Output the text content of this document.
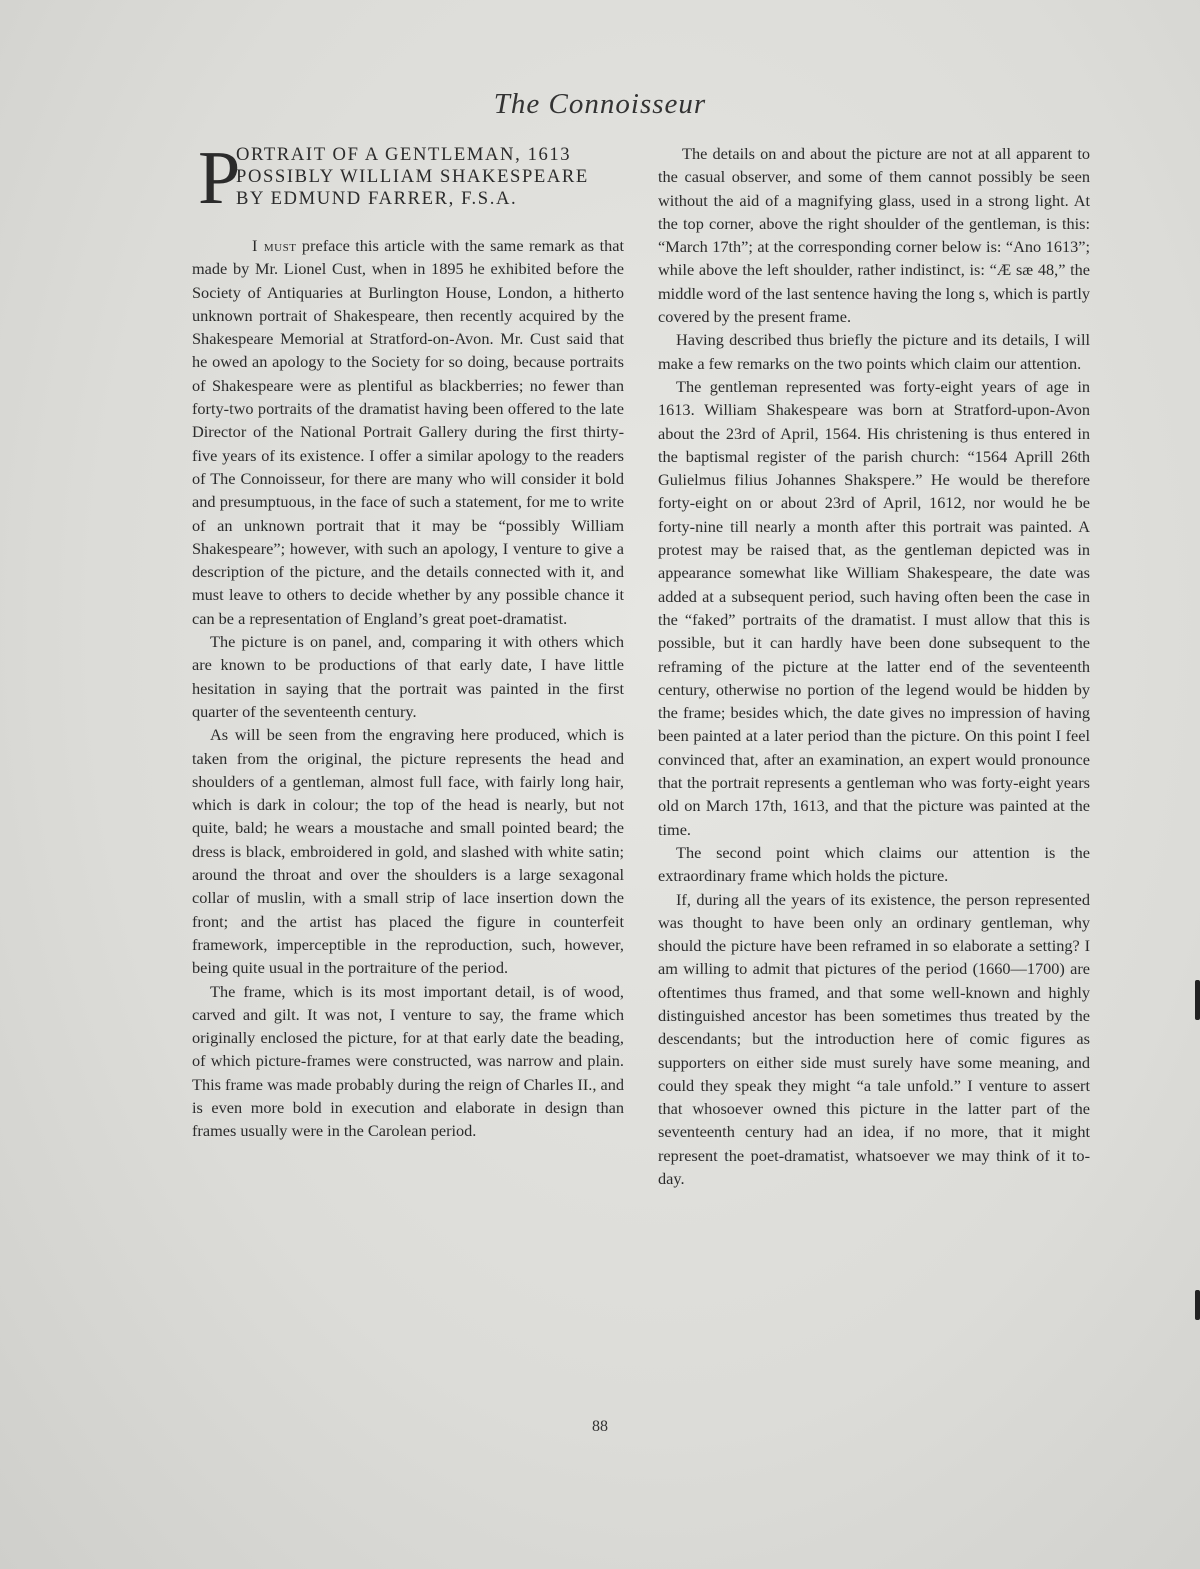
The Connoisseur
P
ORTRAIT OF A GENTLEMAN, 1613
POSSIBLY WILLIAM SHAKESPEARE
BY EDMUND FARRER, F.S.A.

I must preface this article with the same remark as that made by Mr. Lionel Cust, when in 1895 he exhibited before the Society of Antiquaries at Burlington House, London, a hitherto unknown portrait of Shakespeare, then recently acquired by the Shakespeare Memorial at Stratford-on-Avon. Mr. Cust said that he owed an apology to the Society for so doing, because portraits of Shakespeare were as plentiful as blackberries; no fewer than forty-two portraits of the dramatist having been offered to the late Director of the National Portrait Gallery during the first thirty-five years of its existence. I offer a similar apology to the readers of The Connoisseur, for there are many who will consider it bold and presumptuous, in the face of such a statement, for me to write of an unknown portrait that it may be “possibly William Shakespeare”; however, with such an apology, I venture to give a description of the picture, and the details connected with it, and must leave to others to decide whether by any possible chance it can be a representation of England’s great poet-dramatist.

The picture is on panel, and, comparing it with others which are known to be productions of that early date, I have little hesitation in saying that the portrait was painted in the first quarter of the seventeenth century.

As will be seen from the engraving here produced, which is taken from the original, the picture represents the head and shoulders of a gentleman, almost full face, with fairly long hair, which is dark in colour; the top of the head is nearly, but not quite, bald; he wears a moustache and small pointed beard; the dress is black, embroidered in gold, and slashed with white satin; around the throat and over the shoulders is a large sexagonal collar of muslin, with a small strip of lace insertion down the front; and the artist has placed the figure in counterfeit framework, imperceptible in the reproduction, such, however, being quite usual in the portraiture of the period.

The frame, which is its most important detail, is of wood, carved and gilt. It was not, I venture to say, the frame which originally enclosed the picture, for at that early date the beading, of which picture-frames were constructed, was narrow and plain. This frame was made probably during the reign of Charles II., and is even more bold in execution and elaborate in design than frames usually were in the Carolean period.

The details on and about the picture are not at all apparent to the casual observer, and some of them cannot possibly be seen without the aid of a magnifying glass, used in a strong light. At the top corner, above the right shoulder of the gentleman, is this: “March 17th”; at the corresponding corner below is: “Ano 1613”; while above the left shoulder, rather indistinct, is: “Æ sæ 48,” the middle word of the last sentence having the long s, which is partly covered by the present frame.

Having described thus briefly the picture and its details, I will make a few remarks on the two points which claim our attention.

The gentleman represented was forty-eight years of age in 1613. William Shakespeare was born at Stratford-upon-Avon about the 23rd of April, 1564. His christening is thus entered in the baptismal register of the parish church: “1564 Aprill 26th Gulielmus filius Johannes Shakspere.” He would be therefore forty-eight on or about 23rd of April, 1612, nor would he be forty-nine till nearly a month after this portrait was painted. A protest may be raised that, as the gentleman depicted was in appearance somewhat like William Shakespeare, the date was added at a subsequent period, such having often been the case in the “faked” portraits of the dramatist. I must allow that this is possible, but it can hardly have been done subsequent to the reframing of the picture at the latter end of the seventeenth century, otherwise no portion of the legend would be hidden by the frame; besides which, the date gives no impression of having been painted at a later period than the picture. On this point I feel convinced that, after an examination, an expert would pronounce that the portrait represents a gentleman who was forty-eight years old on March 17th, 1613, and that the picture was painted at the time.

The second point which claims our attention is the extraordinary frame which holds the picture.

If, during all the years of its existence, the person represented was thought to have been only an ordinary gentleman, why should the picture have been reframed in so elaborate a setting? I am willing to admit that pictures of the period (1660—1700) are oftentimes thus framed, and that some well-known and highly distinguished ancestor has been sometimes thus treated by the descendants; but the introduction here of comic figures as supporters on either side must surely have some meaning, and could they speak they might “a tale unfold.” I venture to assert that whosoever owned this picture in the latter part of the seventeenth century had an idea, if no more, that it might represent the poet-dramatist, whatsoever we may think of it to-day.

88
